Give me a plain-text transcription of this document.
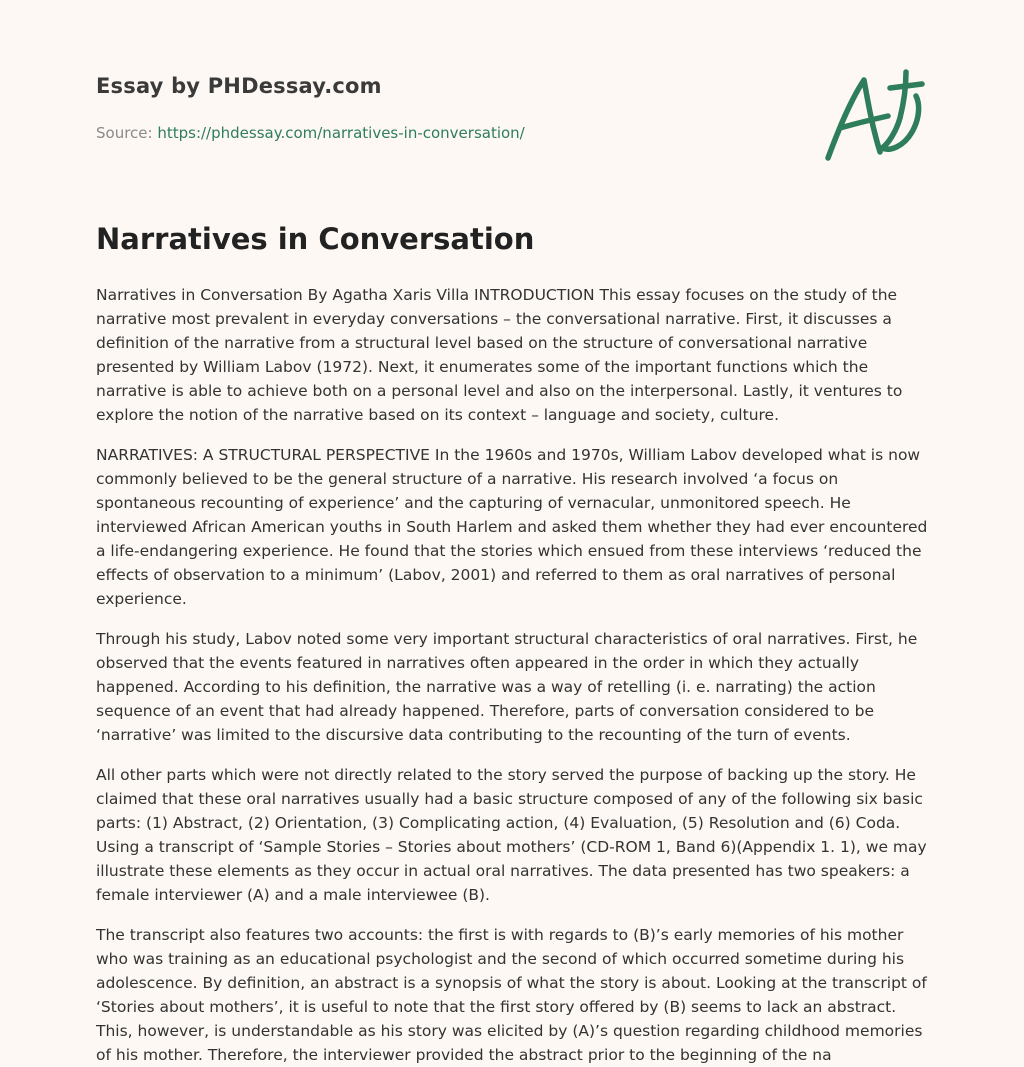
Essay by PHDessay.com
Source: https://phdessay.com/narratives-in-conversation/
Narratives in Conversation

Narratives in Conversation By Agatha Xaris Villa INTRODUCTION This essay focuses on the study of the narrative most prevalent in everyday conversations – the conversational narrative. First, it discusses a definition of the narrative from a structural level based on the structure of conversational narrative presented by William Labov (1972). Next, it enumerates some of the important functions which the narrative is able to achieve both on a personal level and also on the interpersonal. Lastly, it ventures to explore the notion of the narrative based on its context – language and society, culture.

NARRATIVES: A STRUCTURAL PERSPECTIVE In the 1960s and 1970s, William Labov developed what is now commonly believed to be the general structure of a narrative. His research involved ‘a focus on spontaneous recounting of experience’ and the capturing of vernacular, unmonitored speech. He interviewed African American youths in South Harlem and asked them whether they had ever encountered a life-endangering experience. He found that the stories which ensued from these interviews ‘reduced the effects of observation to a minimum’ (Labov, 2001) and referred to them as oral narratives of personal experience.

Through his study, Labov noted some very important structural characteristics of oral narratives. First, he observed that the events featured in narratives often appeared in the order in which they actually happened. According to his definition, the narrative was a way of retelling (i. e. narrating) the action sequence of an event that had already happened. Therefore, parts of conversation considered to be ‘narrative’ was limited to the discursive data contributing to the recounting of the turn of events.

All other parts which were not directly related to the story served the purpose of backing up the story. He claimed that these oral narratives usually had a basic structure composed of any of the following six basic parts: (1) Abstract, (2) Orientation, (3) Complicating action, (4) Evaluation, (5) Resolution and (6) Coda. Using a transcript of ‘Sample Stories – Stories about mothers’ (CD-ROM 1, Band 6)(Appendix 1. 1), we may illustrate these elements as they occur in actual oral narratives. The data presented has two speakers: a female interviewer (A) and a male interviewee (B).

The transcript also features two accounts: the first is with regards to (B)’s early memories of his mother who was training as an educational psychologist and the second of which occurred sometime during his adolescence. By definition, an abstract is a synopsis of what the story is about. Looking at the transcript of ‘Stories about mothers’, it is useful to note that the first story offered by (B) seems to lack an abstract. This, however, is understandable as his story was elicited by (A)’s question regarding childhood memories of his mother. Therefore, the interviewer provided the abstract prior to the beginning of the na
